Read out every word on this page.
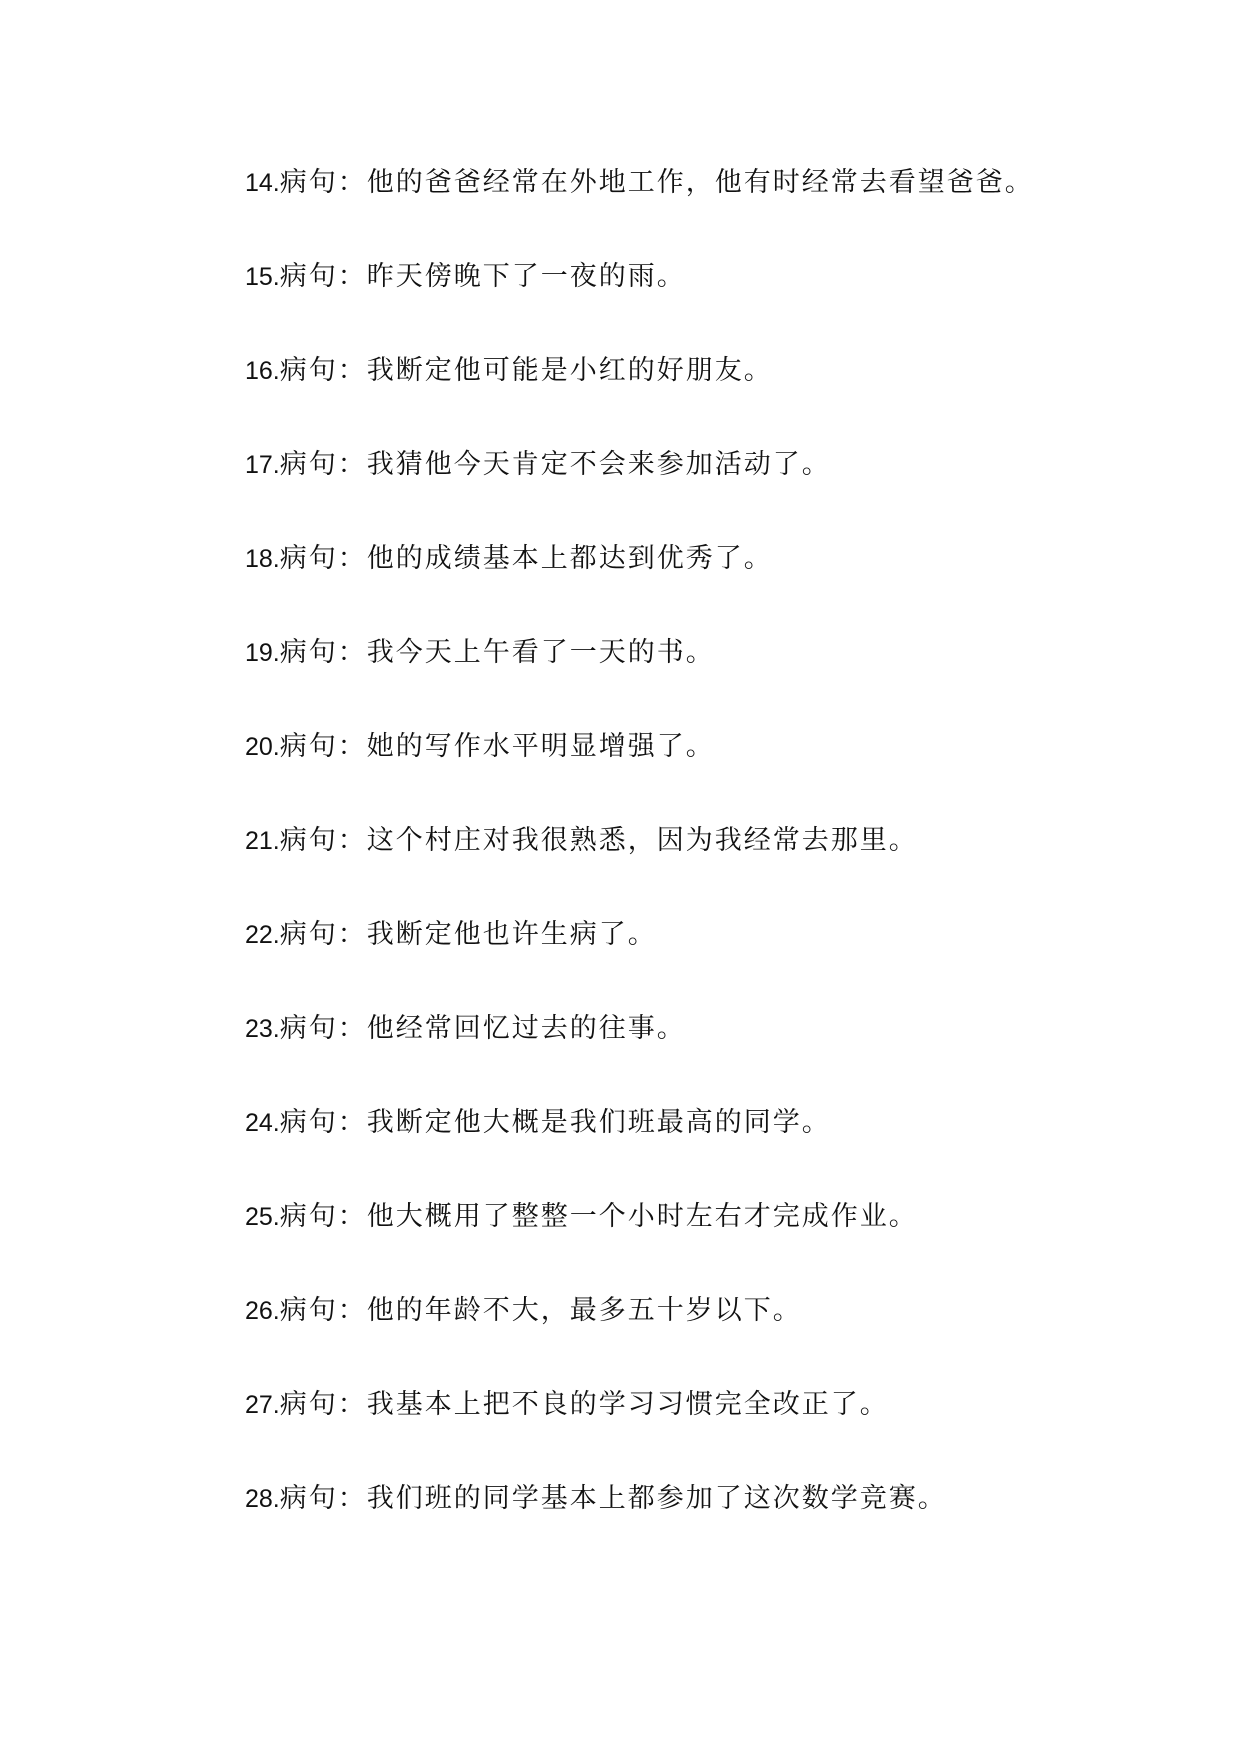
14.病句：他的爸爸经常在外地工作，他有时经常去看望爸爸。
15.病句：昨天傍晚下了一夜的雨。
16.病句：我断定他可能是小红的好朋友。
17.病句：我猜他今天肯定不会来参加活动了。
18.病句：他的成绩基本上都达到优秀了。
19.病句：我今天上午看了一天的书。
20.病句：她的写作水平明显增强了。
21.病句：这个村庄对我很熟悉，因为我经常去那里。
22.病句：我断定他也许生病了。
23.病句：他经常回忆过去的往事。
24.病句：我断定他大概是我们班最高的同学。
25.病句：他大概用了整整一个小时左右才完成作业。
26.病句：他的年龄不大，最多五十岁以下。
27.病句：我基本上把不良的学习习惯完全改正了。
28.病句：我们班的同学基本上都参加了这次数学竞赛。
